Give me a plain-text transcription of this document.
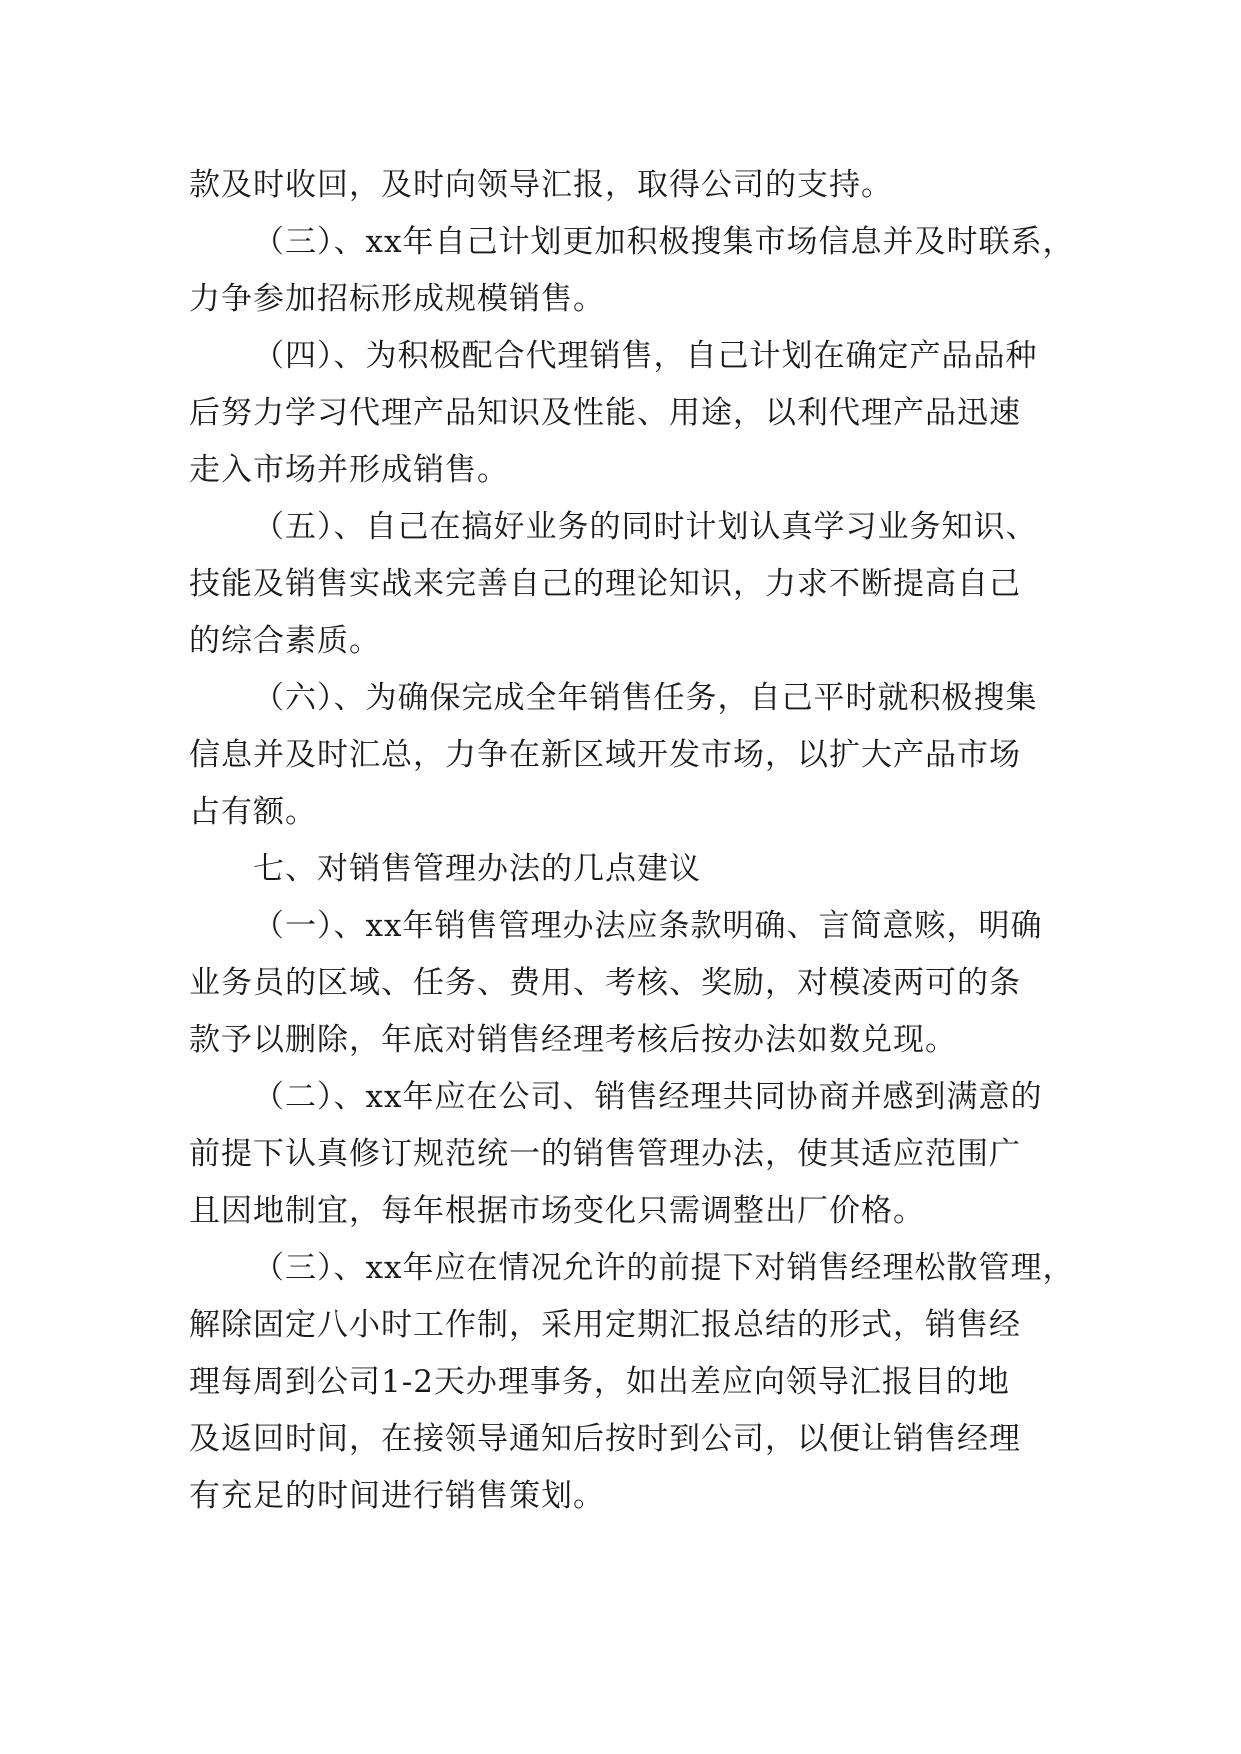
款及时收回，及时向领导汇报，取得公司的支持。
（三）、xx年自己计划更加积极搜集市场信息并及时联系，
力争参加招标形成规模销售。
（四）、为积极配合代理销售，自己计划在确定产品品种
后努力学习代理产品知识及性能、用途，以利代理产品迅速
走入市场并形成销售。
（五）、自己在搞好业务的同时计划认真学习业务知识、
技能及销售实战来完善自己的理论知识，力求不断提高自己
的综合素质。
（六）、为确保完成全年销售任务，自己平时就积极搜集
信息并及时汇总，力争在新区域开发市场，以扩大产品市场
占有额。
七、对销售管理办法的几点建议
（一）、xx年销售管理办法应条款明确、言简意赅，明确
业务员的区域、任务、费用、考核、奖励，对模凌两可的条
款予以删除，年底对销售经理考核后按办法如数兑现。
（二）、xx年应在公司、销售经理共同协商并感到满意的
前提下认真修订规范统一的销售管理办法，使其适应范围广
且因地制宜，每年根据市场变化只需调整出厂价格。
（三）、xx年应在情况允许的前提下对销售经理松散管理，
解除固定八小时工作制，采用定期汇报总结的形式，销售经
理每周到公司1-2天办理事务，如出差应向领导汇报目的地
及返回时间，在接领导通知后按时到公司，以便让销售经理
有充足的时间进行销售策划。
